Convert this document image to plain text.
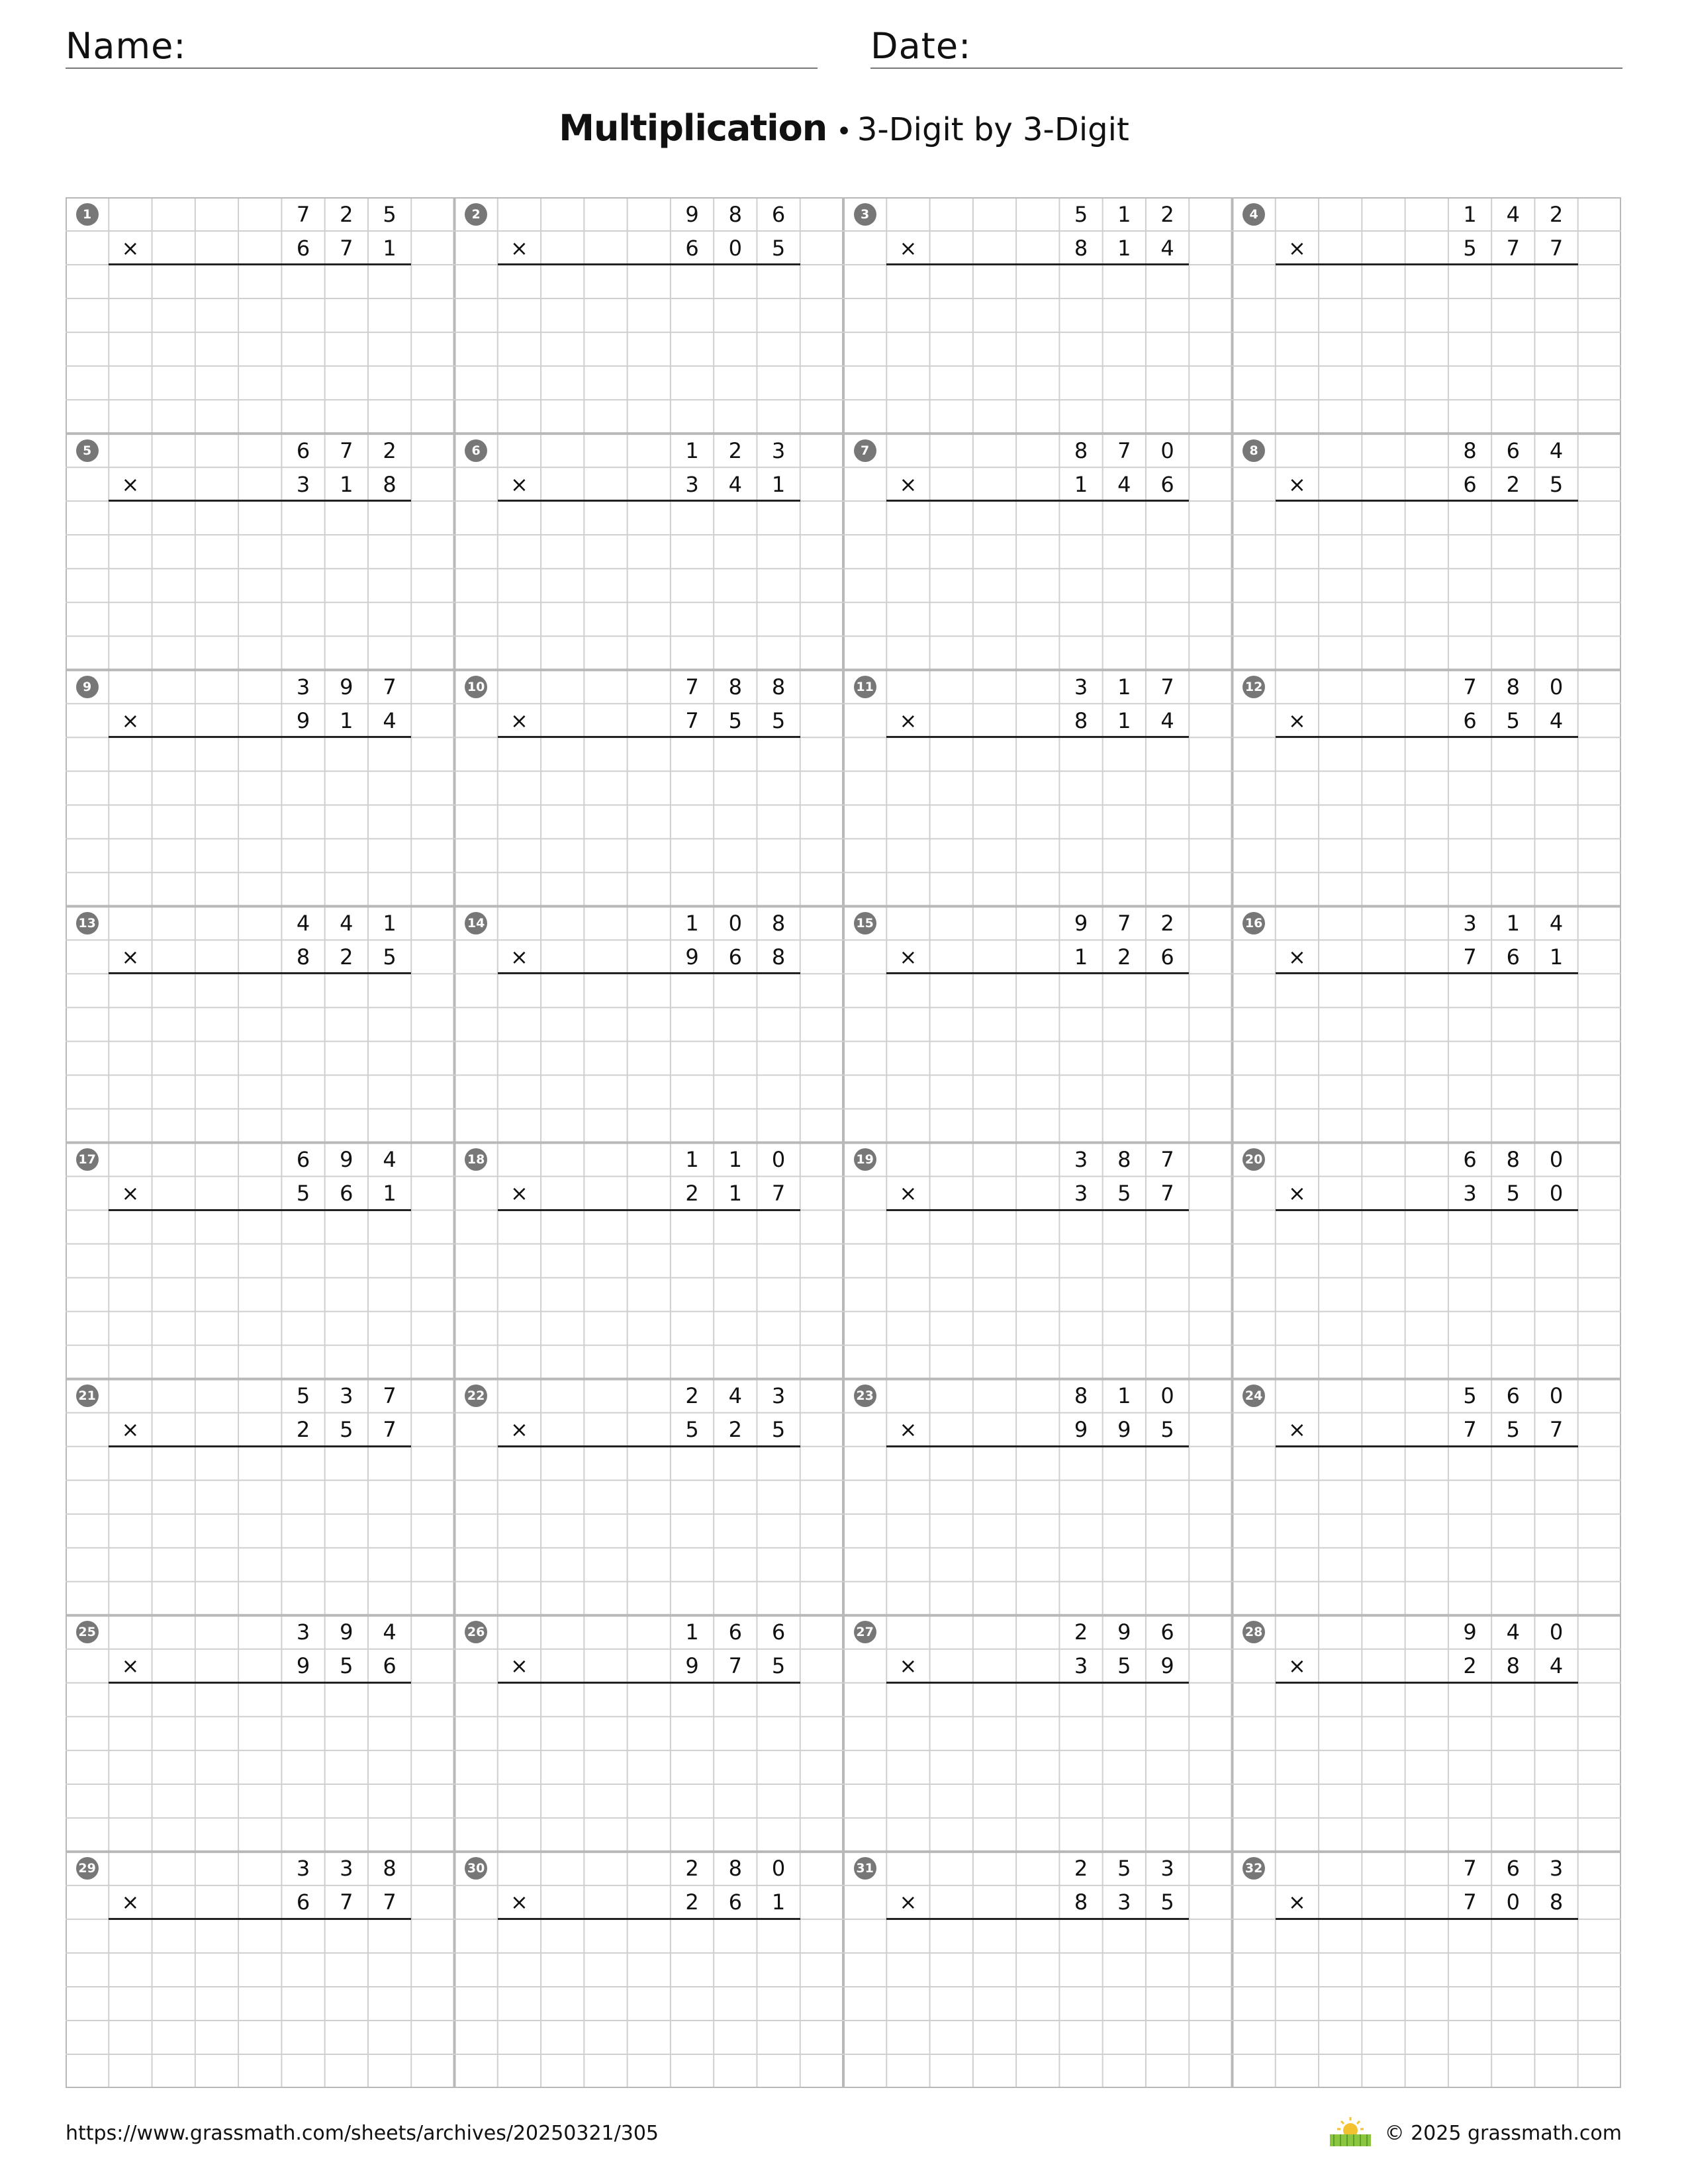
Name:	Date:
Multiplication • 3-Digit by 3-Digit
1	7	2	5
×	6	7	1
2	9	8	6
×	6	0	5
3	5	1	2
×	8	1	4
4	1	4	2
×	5	7	7
5	6	7	2
×	3	1	8
6	1	2	3
×	3	4	1
7	8	7	0
×	1	4	6
8	8	6	4
×	6	2	5
9	3	9	7
×	9	1	4
10	7	8	8
×	7	5	5
11	3	1	7
×	8	1	4
12	7	8	0
×	6	5	4
13	4	4	1
×	8	2	5
14	1	0	8
×	9	6	8
15	9	7	2
×	1	2	6
16	3	1	4
×	7	6	1
17	6	9	4
×	5	6	1
18	1	1	0
×	2	1	7
19	3	8	7
×	3	5	7
20	6	8	0
×	3	5	0
21	5	3	7
×	2	5	7
22	2	4	3
×	5	2	5
23	8	1	0
×	9	9	5
24	5	6	0
×	7	5	7
25	3	9	4
×	9	5	6
26	1	6	6
×	9	7	5
27	2	9	6
×	3	5	9
28	9	4	0
×	2	8	4
29	3	3	8
×	6	7	7
30	2	8	0
×	2	6	1
31	2	5	3
×	8	3	5
32	7	6	3
×	7	0	8
https://www.grassmath.com/sheets/archives/20250321/305	© 2025 grassmath.com
